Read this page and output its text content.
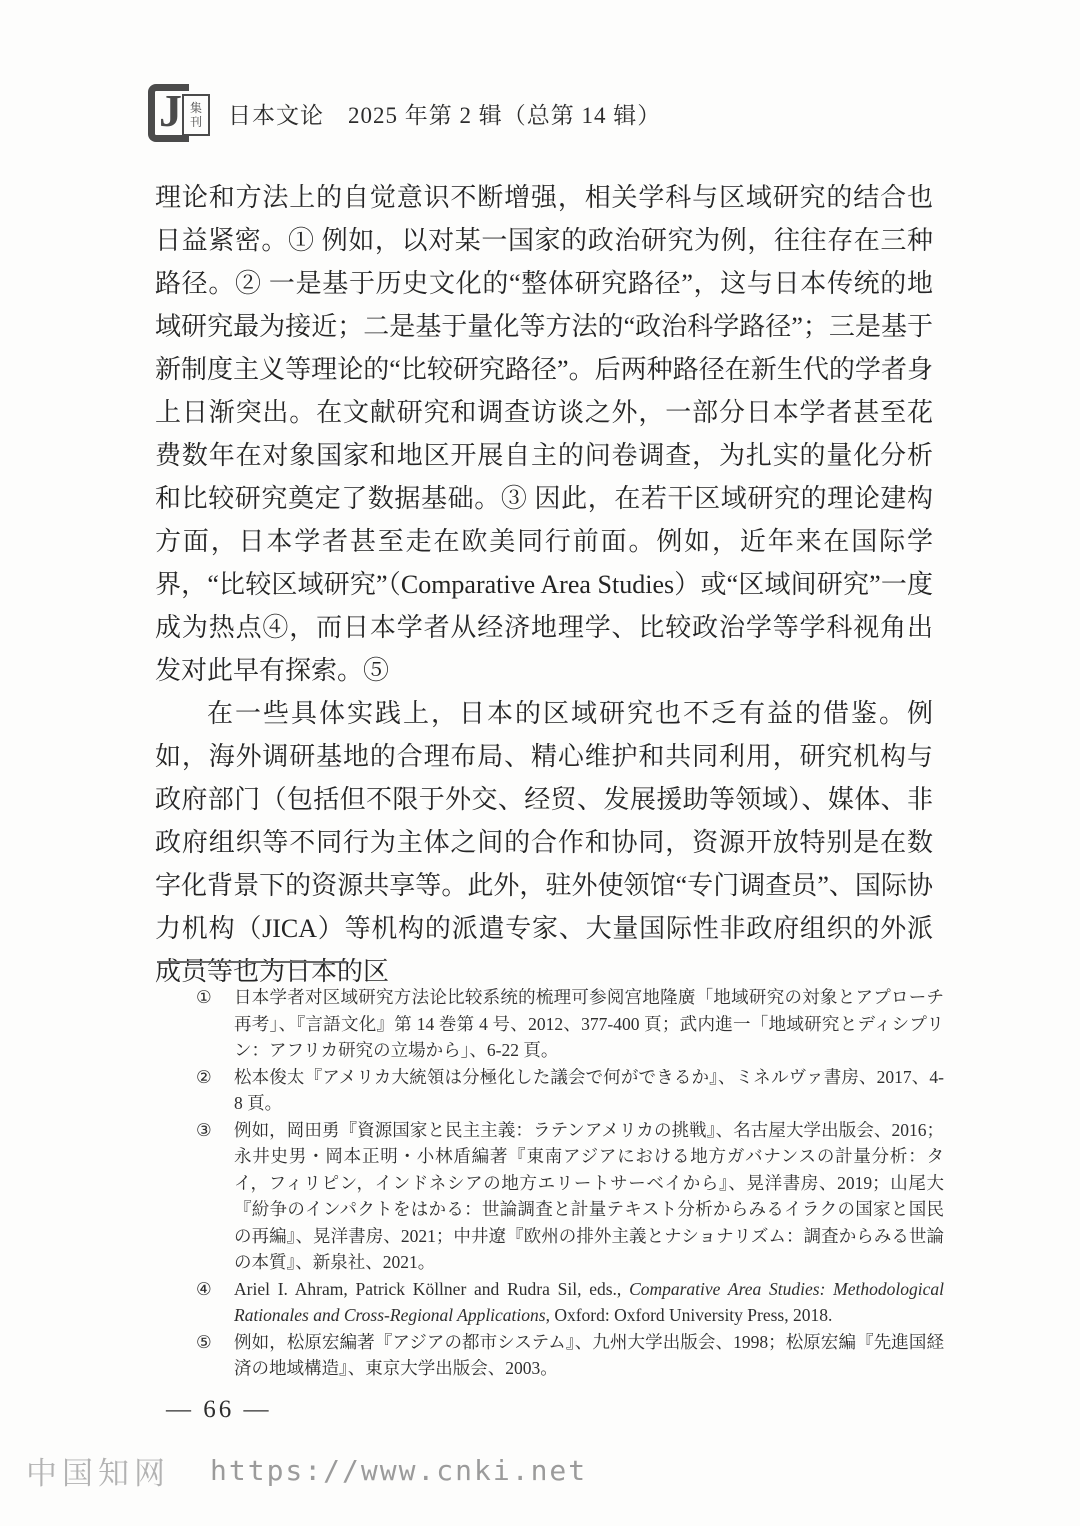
J 集
刊 日本文论　2025 年第 2 辑（总第 14 辑）

理论和方法上的自觉意识不断增强，相关学科与区域研究的结合也日益紧密。① 例如，以对某一国家的政治研究为例，往往存在三种路径。② 一是基于历史文化的“整体研究路径”，这与日本传统的地域研究最为接近；二是基于量化等方法的“政治科学路径”；三是基于新制度主义等理论的“比较研究路径”。后两种路径在新生代的学者身上日渐突出。在文献研究和调查访谈之外，一部分日本学者甚至花费数年在对象国家和地区开展自主的问卷调查，为扎实的量化分析和比较研究奠定了数据基础。③ 因此，在若干区域研究的理论建构方面，日本学者甚至走在欧美同行前面。例如，近年来在国际学界，“比较区域研究”（Comparative Area Studies）或“区域间研究”一度成为热点④，而日本学者从经济地理学、比较政治学等学科视角出发对此早有探索。⑤

在一些具体实践上，日本的区域研究也不乏有益的借鉴。例如，海外调研基地的合理布局、精心维护和共同利用，研究机构与政府部门（包括但不限于外交、经贸、发展援助等领域）、媒体、非政府组织等不同行为主体之间的合作和协同，资源开放特别是在数字化背景下的资源共享等。此外，驻外使领馆“专门调查员”、国际协力机构（JICA）等机构的派遣专家、大量国际性非政府组织的外派成员等也为日本的区

①	日本学者对区域研究方法论比较系统的梳理可参阅宫地隆廣「地域研究の対象とアプローチ再考」、『言語文化』第 14 巻第 4 号、2012、377-400 頁；武内進一「地域研究とディシプリン：アフリカ研究の立場から」、6-22 頁。
②	松本俊太『アメリカ大統領は分極化した議会で何ができるか』、ミネルヴァ書房、2017、4-8 頁。
③	例如，岡田勇『資源国家と民主主義：ラテンアメリカの挑戦』、名古屋大学出版会、2016；永井史男・岡本正明・小林盾編著『東南アジアにおける地方ガバナンスの計量分析：タイ，フィリピン，インドネシアの地方エリートサーベイから』、晃洋書房、2019；山尾大『紛争のインパクトをはかる：世論調査と計量テキスト分析からみるイラクの国家と国民の再編』、晃洋書房、2021；中井遼『欧州の排外主義とナショナリズム：調査からみる世論の本質』、新泉社、2021。
④	Ariel I. Ahram, Patrick Köllner and Rudra Sil, eds., Comparative Area Studies: Methodological Rationales and Cross-Regional Applications, Oxford: Oxford University Press, 2018.
⑤	例如，松原宏編著『アジアの都市システム』、九州大学出版会、1998；松原宏編『先進国経済の地域構造』、東京大学出版会、2003。
— 66 —
中国知网 https://www.cnki.net
